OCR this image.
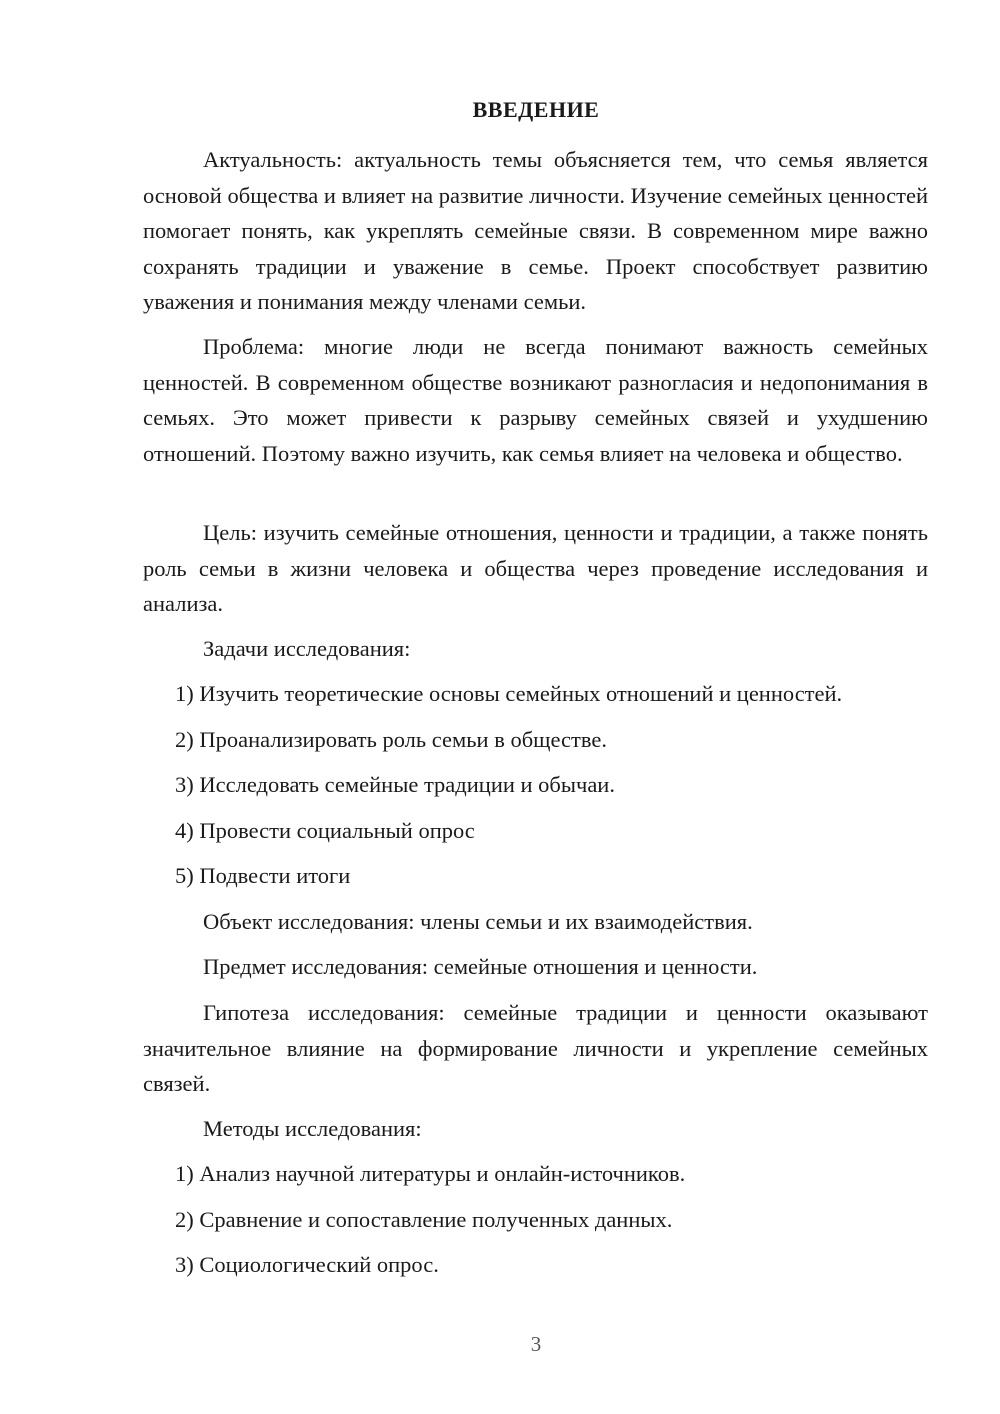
ВВЕДЕНИЕ

Актуальность: актуальность темы объясняется тем, что семья является основой общества и влияет на развитие личности. Изучение семейных ценностей помогает понять, как укреплять семейные связи. В современном мире важно сохранять традиции и уважение в семье. Проект способствует развитию уважения и понимания между членами семьи.

Проблема: многие люди не всегда понимают важность семейных ценностей. В современном обществе возникают разногласия и недопонимания в семьях. Это может привести к разрыву семейных связей и ухудшению отношений. Поэтому важно изучить, как семья влияет на человека и общество.

Цель: изучить семейные отношения, ценности и традиции, а также понять роль семьи в жизни человека и общества через проведение исследования и анализа.

Задачи исследования:

1) Изучить теоретические основы семейных отношений и ценностей.

2) Проанализировать роль семьи в обществе.

3) Исследовать семейные традиции и обычаи.

4) Провести социальный опрос

5) Подвести итоги

Объект исследования: члены семьи и их взаимодействия.

Предмет исследования: семейные отношения и ценности.

Гипотеза исследования: семейные традиции и ценности оказывают значительное влияние на формирование личности и укрепление семейных связей.

Методы исследования:

1) Анализ научной литературы и онлайн-источников.

2) Сравнение и сопоставление полученных данных.

3) Социологический опрос.

3
